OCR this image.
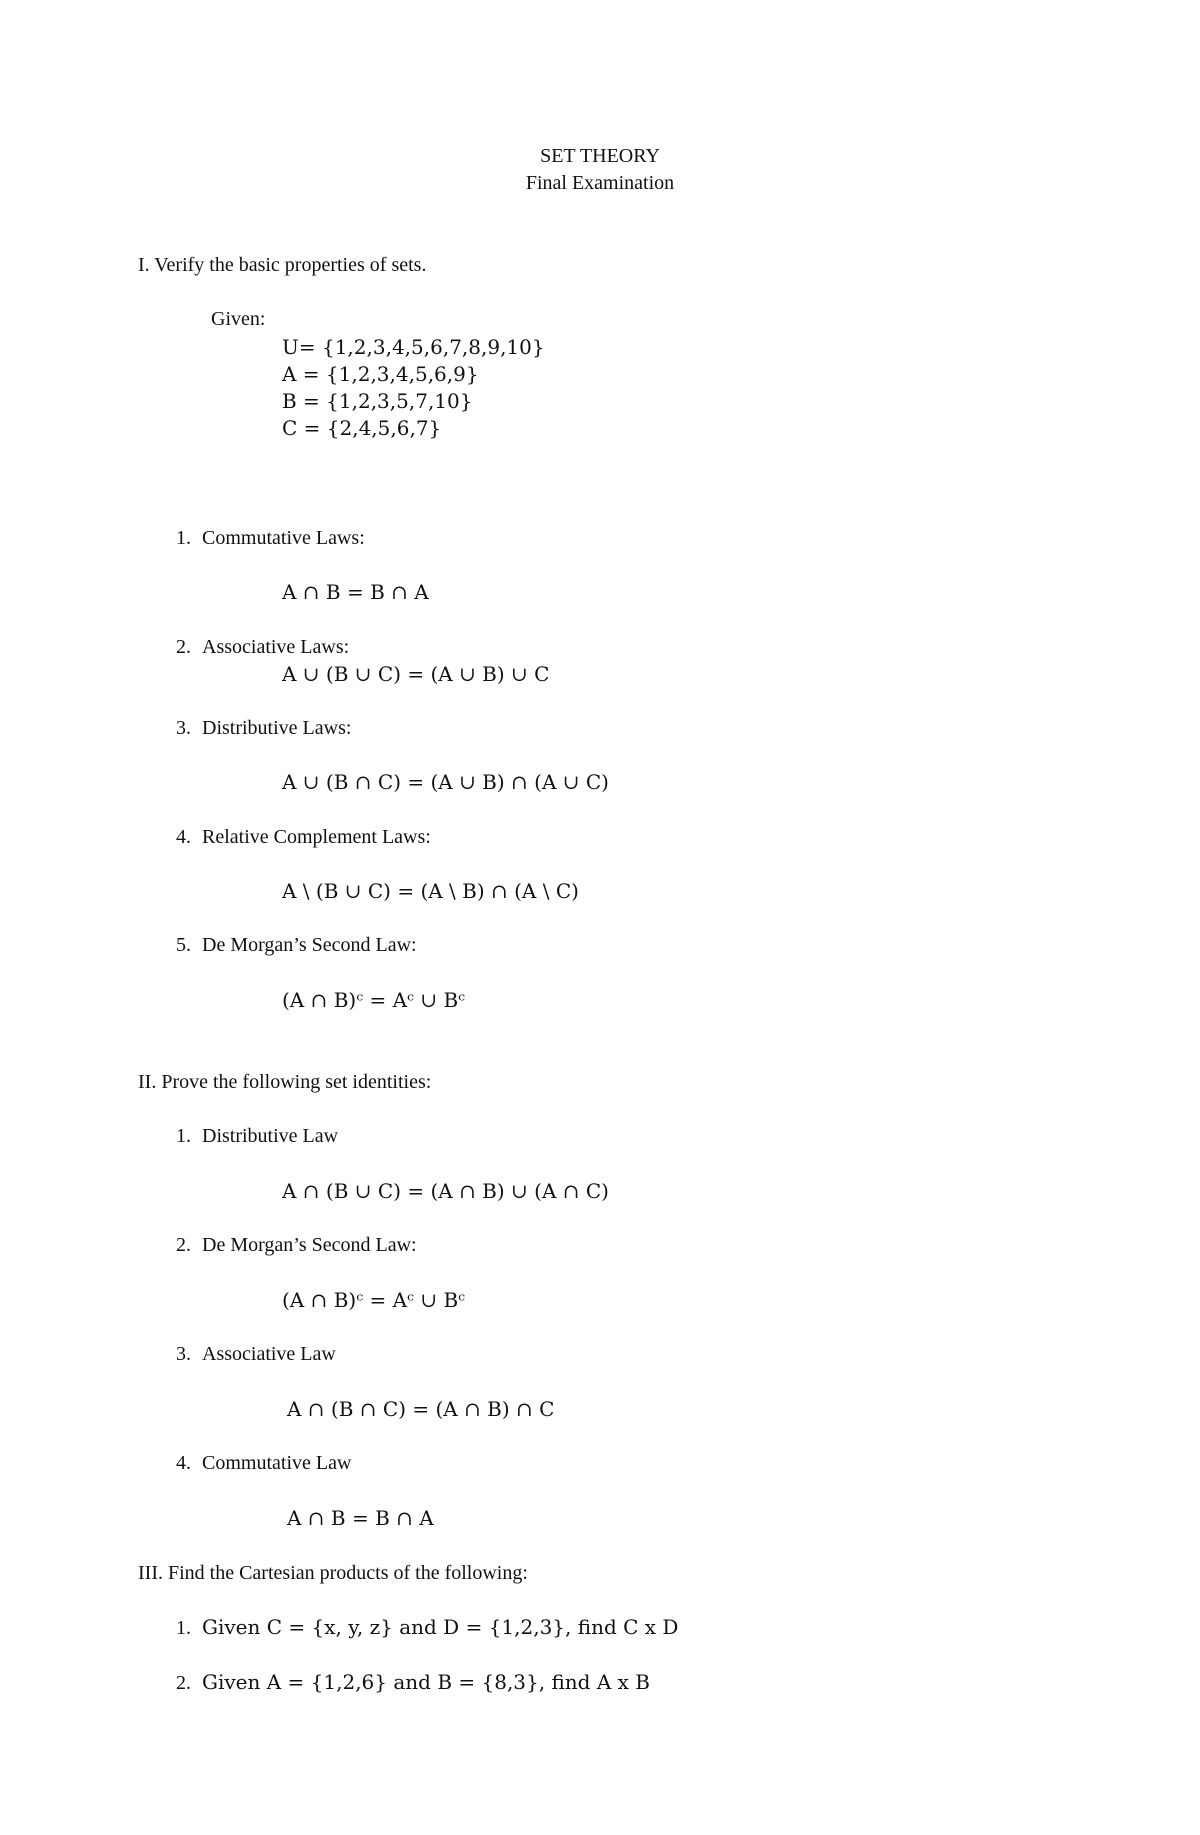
SET THEORY
Final Examination
I. Verify the basic properties of sets.
Given:
U= {1,2,3,4,5,6,7,8,9,10}
A = {1,2,3,4,5,6,9}
B = {1,2,3,5,7,10}
C = {2,4,5,6,7}
1. Commutative Laws:
A ∩ B = B ∩ A
2. Associative Laws:
A ∪ (B ∪ C) = (A ∪ B) ∪ C
3. Distributive Laws:
A ∪ (B ∩ C) = (A ∪ B) ∩ (A ∪ C)
4. Relative Complement Laws:
A \ (B ∪ C) = (A \ B) ∩ (A \ C)
5. De Morgan’s Second Law:
(A ∩ B)ᶜ = Aᶜ ∪ Bᶜ
II. Prove the following set identities:
1. Distributive Law
A ∩ (B ∪ C) = (A ∩ B) ∪ (A ∩ C)
2. De Morgan’s Second Law:
(A ∩ B)ᶜ = Aᶜ ∪ Bᶜ
3. Associative Law
A ∩ (B ∩ C) = (A ∩ B) ∩ C
4. Commutative Law
A ∩ B = B ∩ A
III. Find the Cartesian products of the following:
1. Given C = {x, y, z} and D = {1,2,3}, find C x D
2. Given A = {1,2,6} and B = {8,3}, find A x B
